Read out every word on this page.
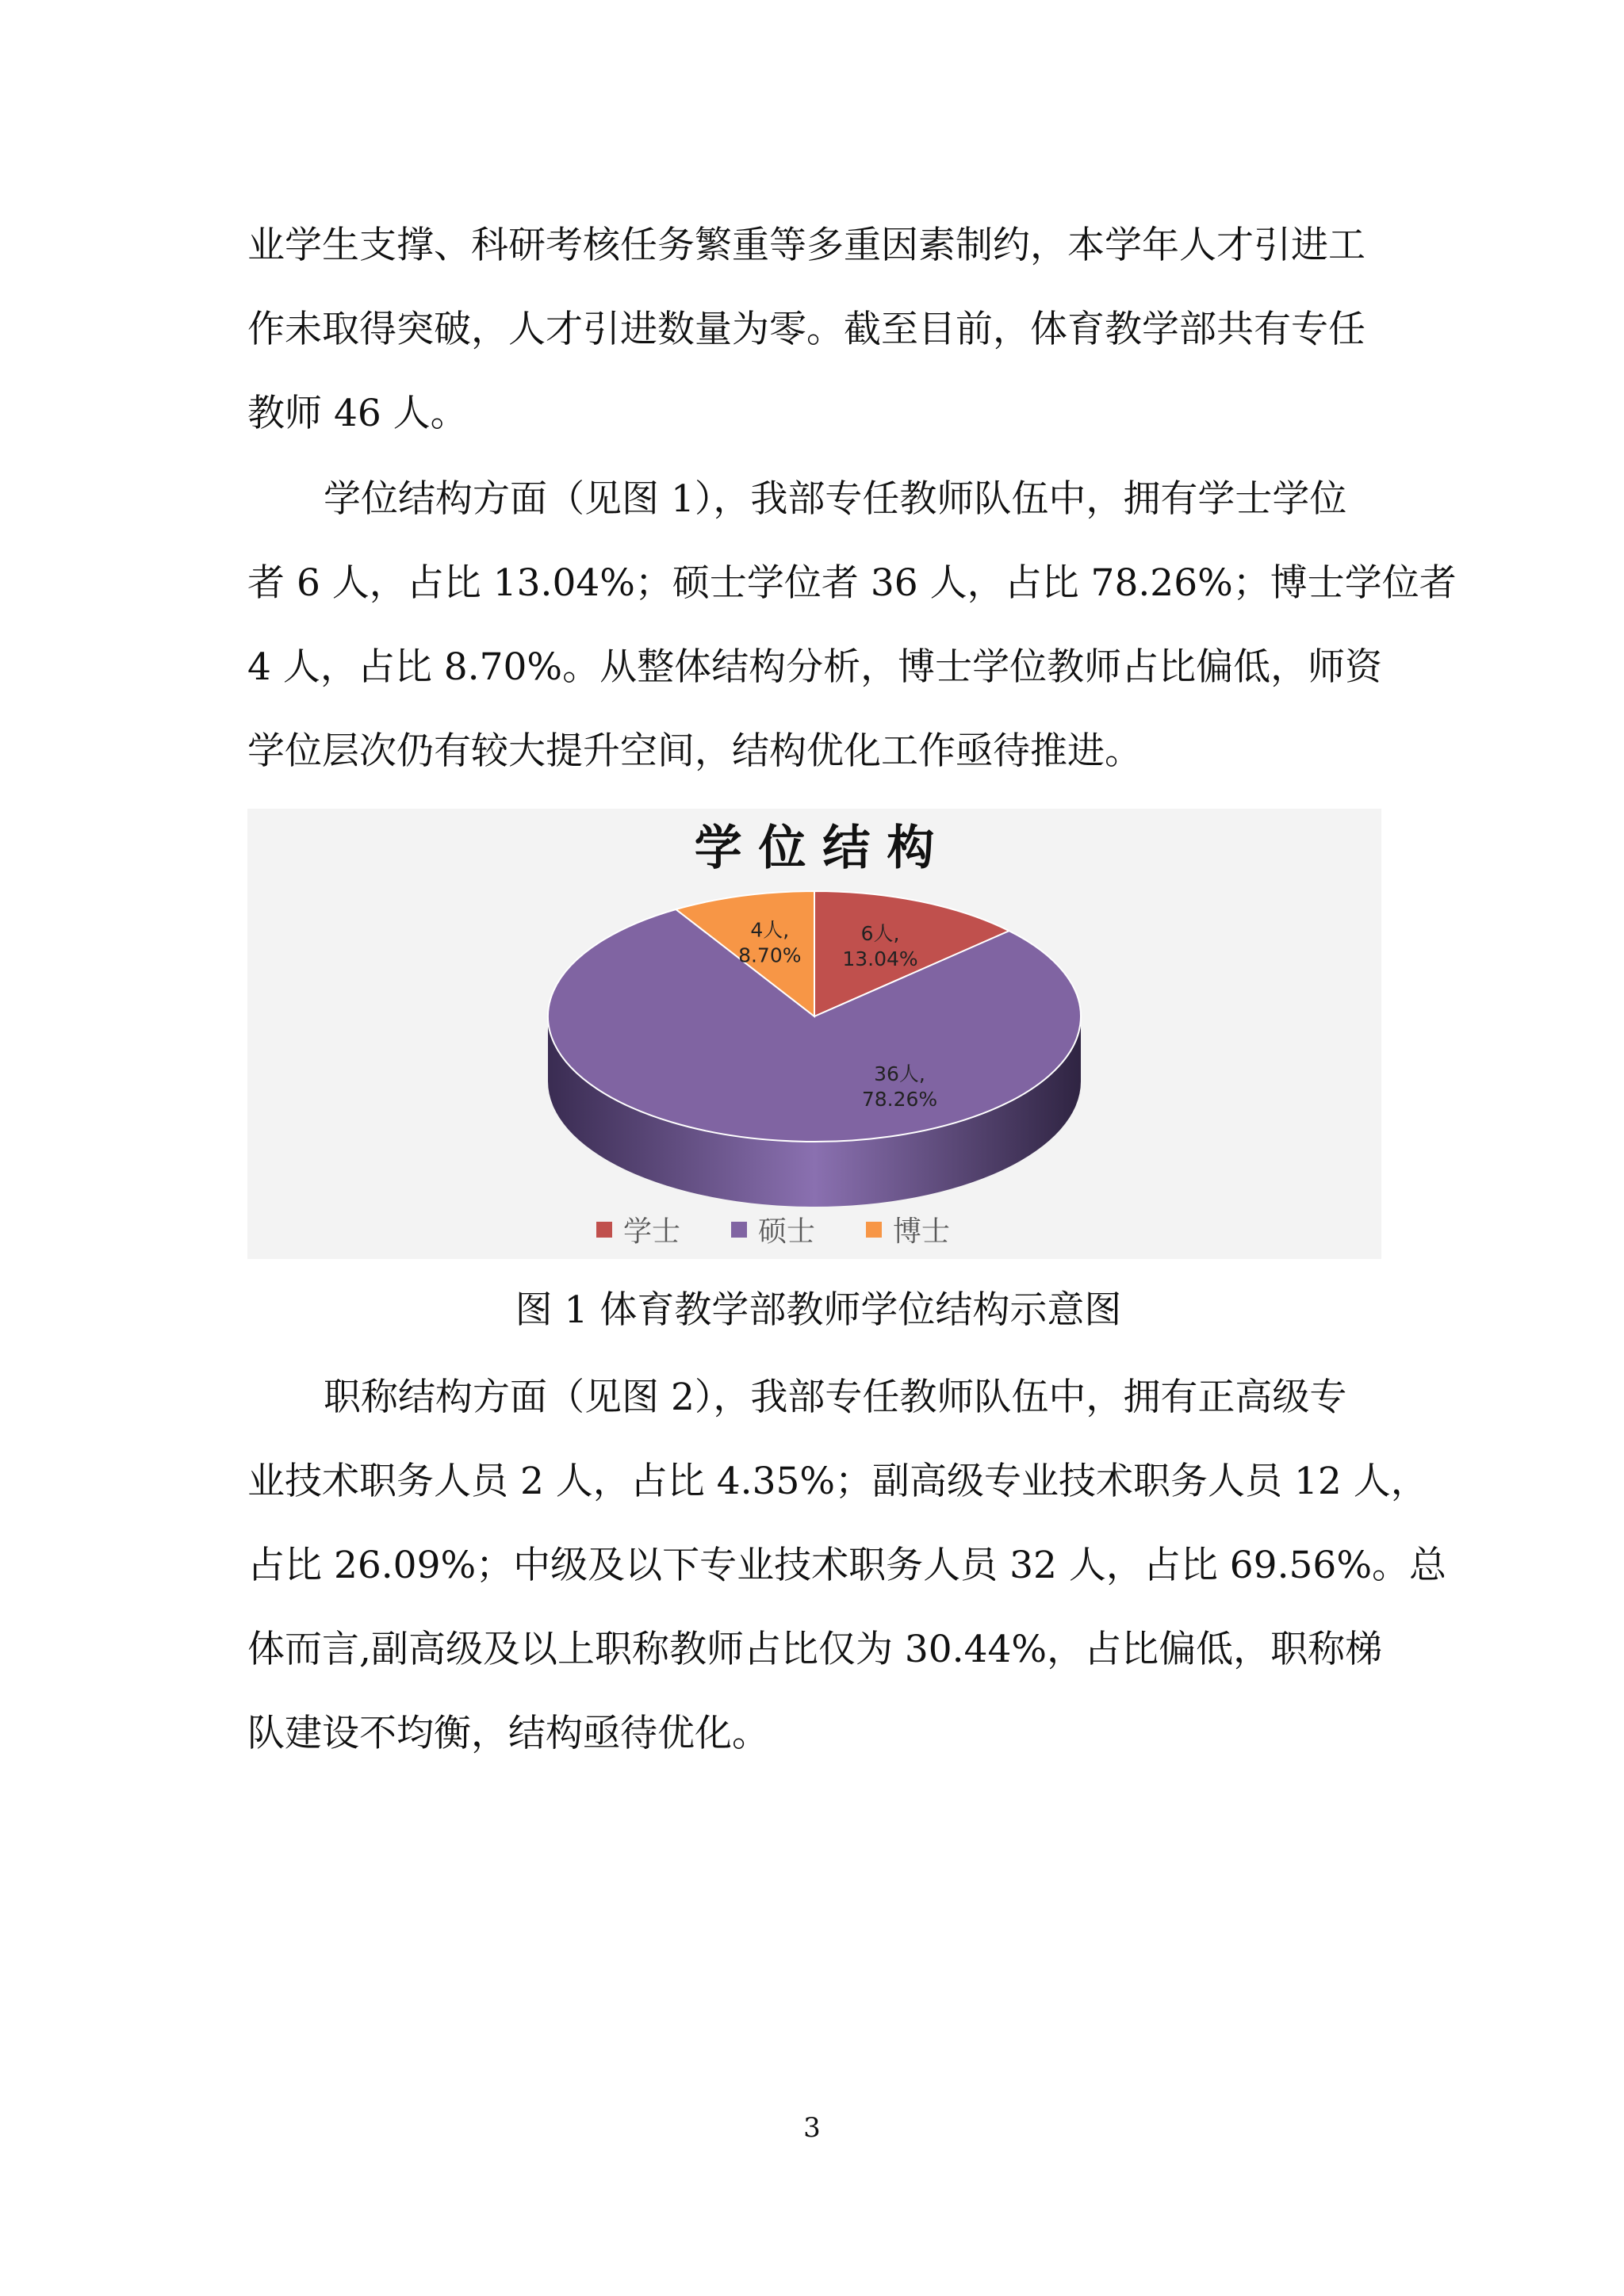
业学生支撑、科研考核任务繁重等多重因素制约，本学年人才引进工
作未取得突破，人才引进数量为零。截至目前，体育教学部共有专任
教师 46 人。
学位结构方面（见图 1），我部专任教师队伍中，拥有学士学位
者 6 人，占比 13.04%；硕士学位者 36 人，占比 78.26%；博士学位者
4 人，占比 8.70%。从整体结构分析，博士学位教师占比偏低，师资
学位层次仍有较大提升空间，结构优化工作亟待推进。
6人, 13.04%
36人, 78.26%
4人, 8.70%
学 位 结 构
学士	硕士	博士
图 1 体育教学部教师学位结构示意图
职称结构方面（见图 2），我部专任教师队伍中，拥有正高级专
业技术职务人员 2 人，占比 4.35%；副高级专业技术职务人员 12 人，
占比 26.09%；中级及以下专业技术职务人员 32 人，占比 69.56%。总
体而言,副高级及以上职称教师占比仅为 30.44%，占比偏低，职称梯
队建设不均衡，结构亟待优化。
3
